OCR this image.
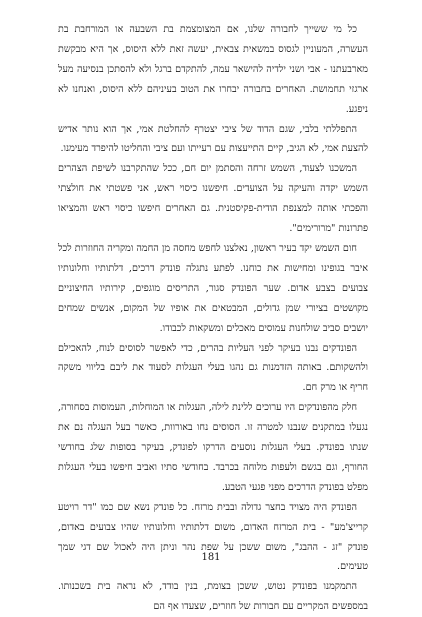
כל מי ששייך לחבורה שלנו, אם המצומצמת בת השבעה או המורחבת בת העשרה, המעוניין לגסוס במשאית צבאית, יעשה זאת ללא היסוס, אך היא מבקשת מארבעתנו - אבי ושני ילדיה להישאר עמה, להתקדם ברגל ולא להסתכן בנסיעה מעל ארגזי תחמושת. האחרים בחבורה יבחרו את הטוב בעיניהם ללא היסוס, ואנחנו לא ניפגע.

התפללתי בלבי, שגם הדוד של ציבי יצטרף להחלטת אמי, אך הוא נותר אדיש להצעת אמי, לא הגיב, קיים התייעצות עם רעייתו ועם ציבי והחליטו להיפרד מעימנו.

המשכנו לצעוד, השמש זרחה והסתמן יום חם, ככל שהתקרבנו לשיפת הצהרים השמש יקדה והעיקה על הצועדים. חיפשנו כיסוי ראש, אני פשטתי את חולצתי והפכתי אותה למצנפת הודית-פקיסטנית. גם האחרים חיפשו כיסוי ראש והמציאו פתרונות "מרורימים".

חום השמש יקד בעיר ראשון, נאלצנו לחפש מחסה מן החמה ומקריה החוזרות לכל איבר בגופינו ומחישות את כוחנו. לפתע נתגלה פונדק דרכים, דלתותיו וחלונותיו צבועים בצבע אדום. שער הפונדק סגור, התריסים מוגפים, קירותיו החיצוניים מקושטים בציורי שמן גדולים, המבטאים את אופיו של המקום, אנשים שמחים יושבים סביב שולחנות עמוסים מאכלים ומשקאות לכבודו.

הפונדקים נבנו בעיקר לפני העליות בהרים, כדי לאפשר לסוסים לנוח, להאכילם ולהשקותם. באותה הזדמנות גם נהגו בעלי העגלות לסעוד את ליבם בליווי משקה חריף או מרק חם.

חלק מהפונדקים היו ערוכים ללינת לילה, העגלות או המוחלות, העמוסות בסחורה, נגעלו במתקנים שנבנו למטרה זו. הסוסים נחו באורוות, כאשר בעל העגלה נם את שנתו בפונדק. בעלי העגלות נוסעים הדרקו לפונדק, בעיקר בסופות שלג בחודשי החורף, וגם בגשם ולעפות מלוחה בכרבד. בחודשי סתיו ואביב חיפשו בעלי העגלות מפלט בפונדק הדרכים מפני פגעי הטבע.

הפונדק היה מצויד בחצר גדולה ובבית מרזח. כל פונדק נשא שם כמו "דר רויטע קרייצ'מע" - בית המרזח האדום, משום דלתותיו וחלונותיו שהיו צבועים באדום, פונדק "זג - ההבג", משום ששכן על שפת נהר וניתן היה לאכול שם דגי שמך טעימים.

התמקמנו בפונדק נטוש, ששכן בצומת, בנין בודד, לא נראה בית בשכנותו. במספשים המקריים עם חבורות של חוזרים, שצעדו אף הם

181
